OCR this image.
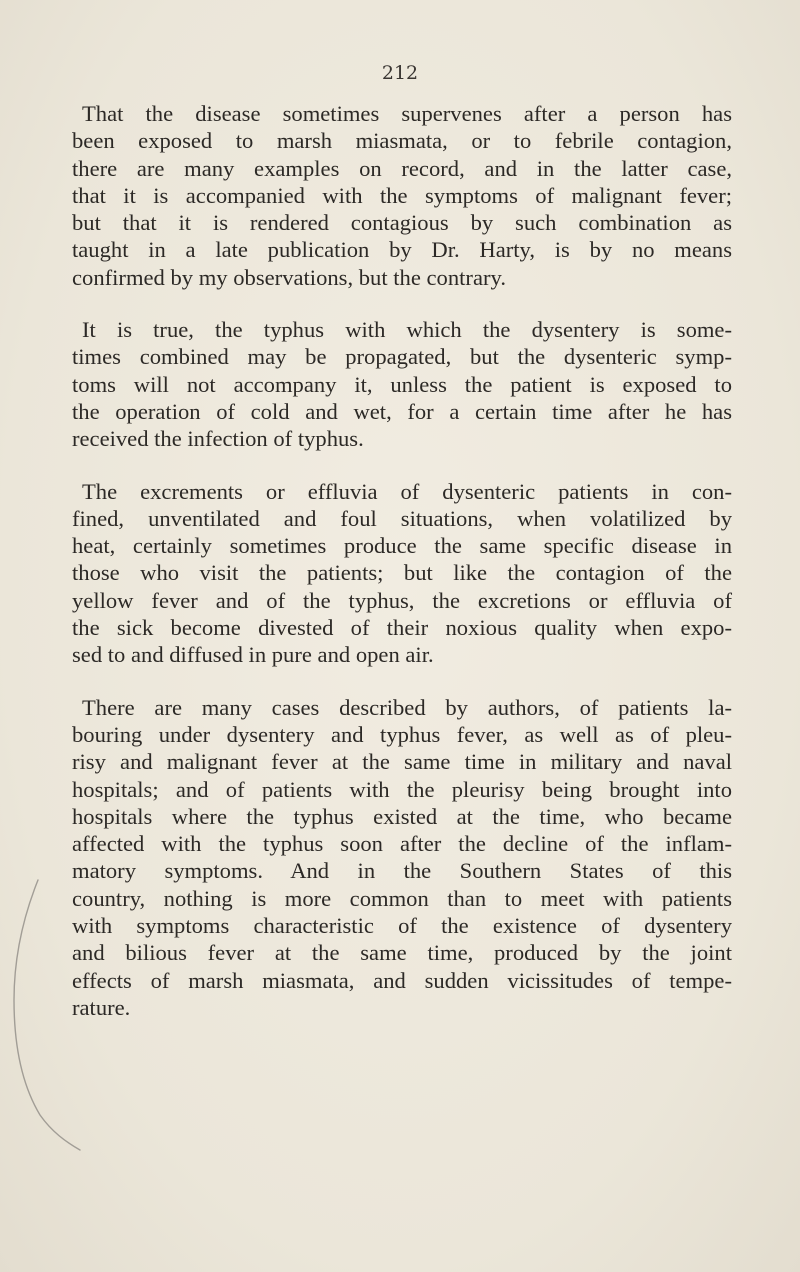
212
That the disease sometimes supervenes after a person has
been exposed to marsh miasmata, or to febrile contagion,
there are many examples on record, and in the latter case,
that it is accompanied with the symptoms of malignant fever;
but that it is rendered contagious by such combination as
taught in a late publication by Dr. Harty, is by no means
confirmed by my observations, but the contrary.
It is true, the typhus with which the dysentery is some-
times combined may be propagated, but the dysenteric symp-
toms will not accompany it, unless the patient is exposed to
the operation of cold and wet, for a certain time after he has
received the infection of typhus.
The excrements or effluvia of dysenteric patients in con-
fined, unventilated and foul situations, when volatilized by
heat, certainly sometimes produce the same specific disease in
those who visit the patients; but like the contagion of the
yellow fever and of the typhus, the excretions or effluvia of
the sick become divested of their noxious quality when expo-
sed to and diffused in pure and open air.
There are many cases described by authors, of patients la-
bouring under dysentery and typhus fever, as well as of pleu-
risy and malignant fever at the same time in military and naval
hospitals; and of patients with the pleurisy being brought into
hospitals where the typhus existed at the time, who became
affected with the typhus soon after the decline of the inflam-
matory symptoms. And in the Southern States of this
country, nothing is more common than to meet with patients
with symptoms characteristic of the existence of dysentery
and bilious fever at the same time, produced by the joint
effects of marsh miasmata, and sudden vicissitudes of tempe-
rature.
